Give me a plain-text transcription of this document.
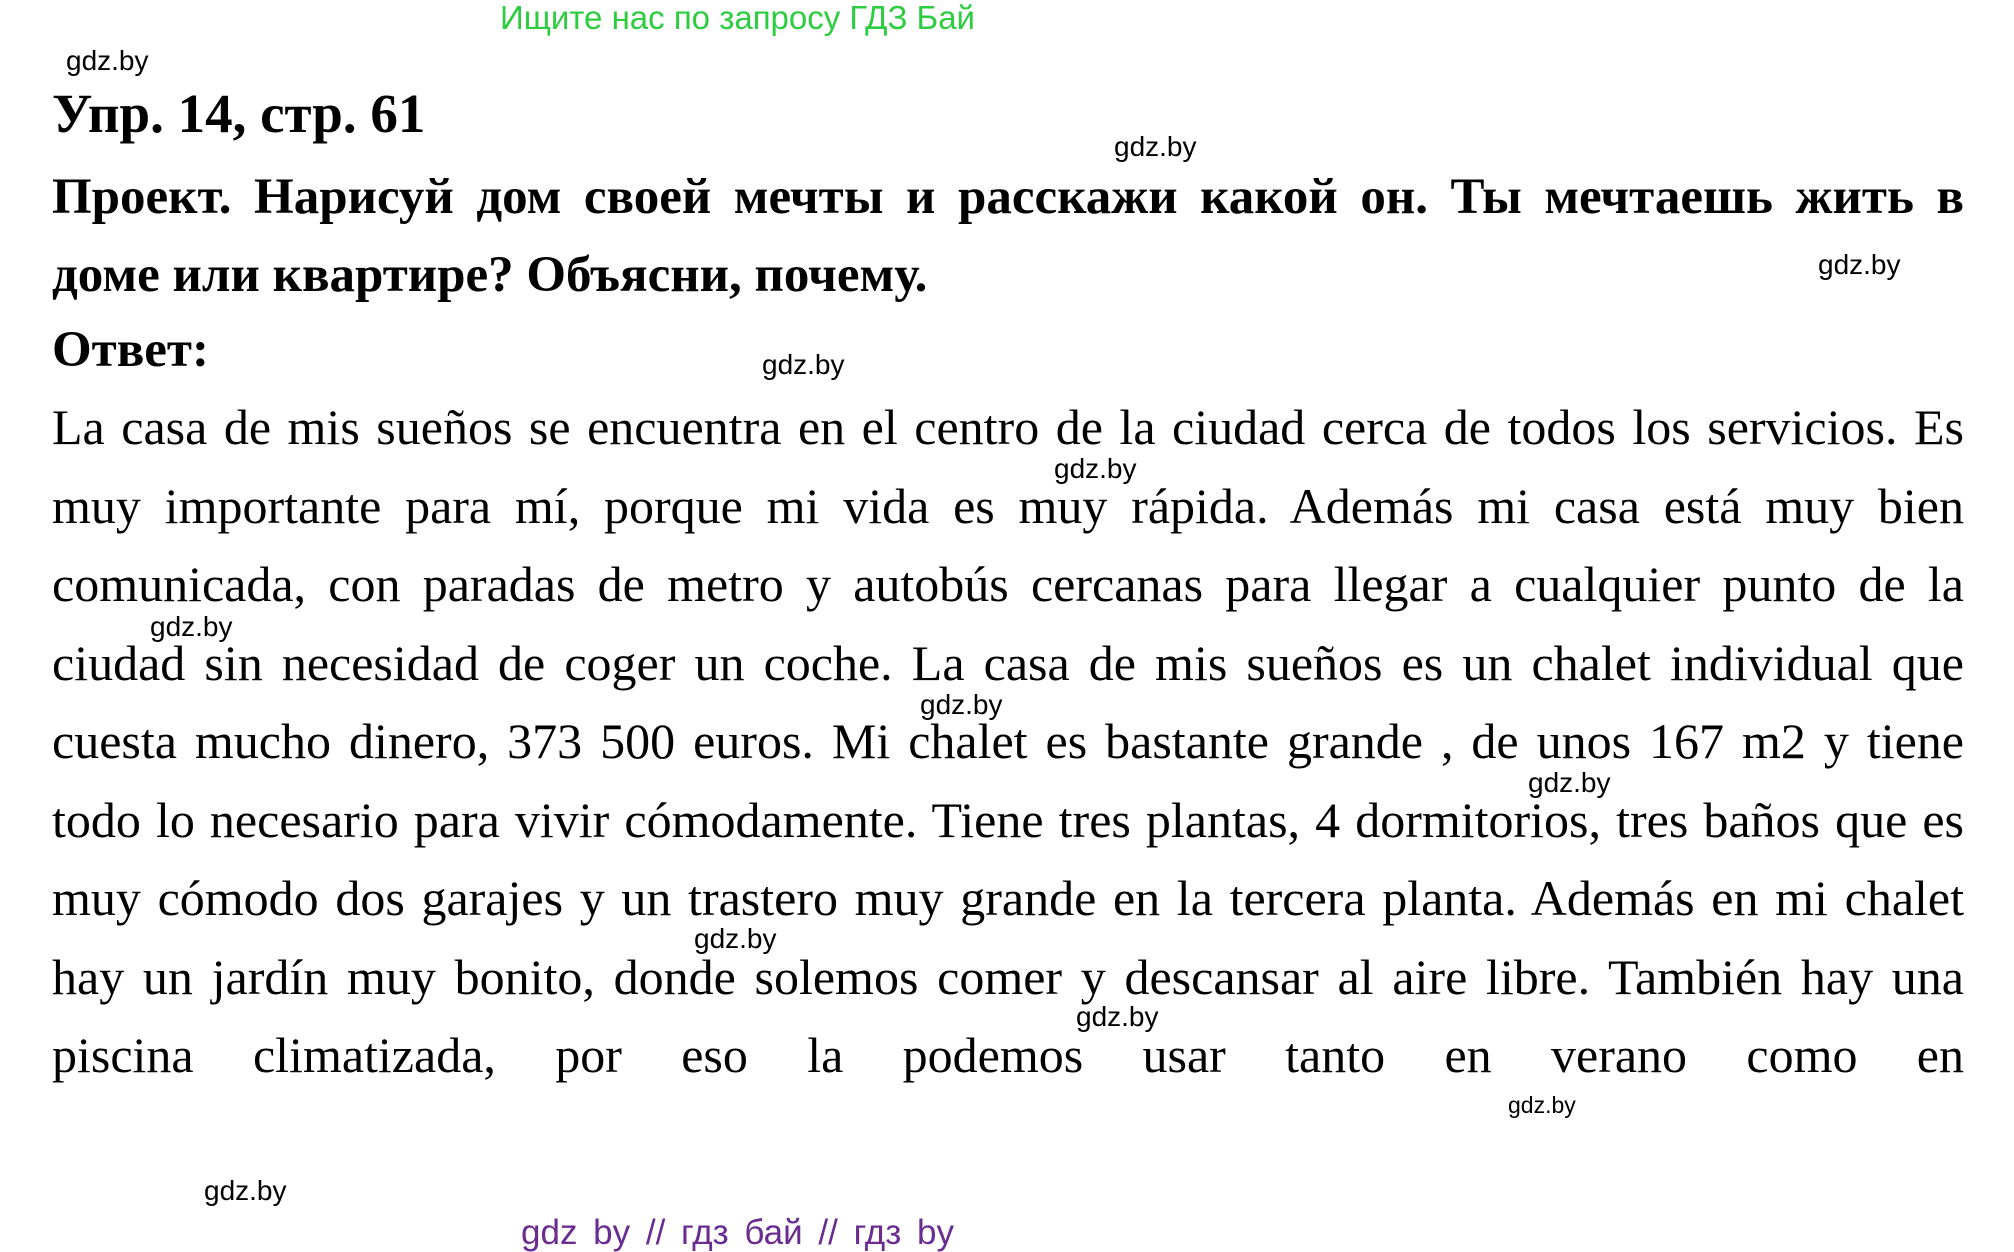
Ищите нас по запросу ГДЗ Бай
gdz.by
Упр. 14, стр. 61
gdz.by
Проект. Нарисуй дом своей мечты и расскажи какой он. Ты мечтаешь жить в доме или квартире? Объясни, почему.	gdz.by
Ответ:	gdz.by
La casa de mis sueños se encuentra en el centro de la ciudad cerca de todos los servicios. Es muy importante para mí, porque mi vida es muy rápida. Además mi casa está muy bien comunicada, con paradas de metro y autobús cercanas para llegar a cualquier punto de la ciudad sin necesidad de coger un coche. La casa de mis sueños es un chalet individual que cuesta mucho dinero, 373 500 euros. Mi chalet es bastante grande , de unos 167 m2 y tiene todo lo necesario para vivir cómodamente. Tiene tres plantas, 4 dormitorios, tres baños que es muy cómodo dos garajes y un trastero muy grande en la tercera planta. Además en mi chalet hay un jardín muy bonito, donde solemos comer y descansar al aire libre. También hay una piscina climatizada, por eso la podemos usar tanto en verano como en
gdz.by
gdz.by
gdz.by
gdz.by
gdz.by
gdz.by
gdz.by
gdz.by
gdz by // гдз бай // гдз by
